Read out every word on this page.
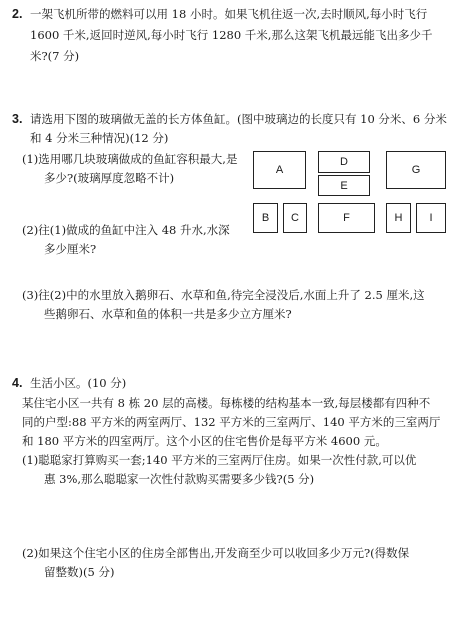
2. 一架飞机所带的燃料可以用 18 小时。如果飞机往返一次,去时顺风,每小时飞行
1600 千米,返回时逆风,每小时飞行 1280 千米,那么这架飞机最远能飞出多少千
米?(7 分)
3. 请选用下图的玻璃做无盖的长方体鱼缸。(图中玻璃边的长度只有 10 分米、6 分米
和 4 分米三种情况)(12 分)
(1)选用哪几块玻璃做成的鱼缸容积最大,是
多少?(玻璃厚度忽略不计)
(2)往(1)做成的鱼缸中注入 48 升水,水深
多少厘米?
A
D
E
G
B	C	F	H	I
(3)往(2)中的水里放入鹅卵石、水草和鱼,待完全浸没后,水面上升了 2.5 厘米,这
些鹅卵石、水草和鱼的体积一共是多少立方厘米?
4. 生活小区。(10 分)
某住宅小区一共有 8 栋 20 层的高楼。每栋楼的结构基本一致,每层楼都有四种不
同的户型:88 平方米的两室两厅、132 平方米的三室两厅、140 平方米的三室两厅
和 180 平方米的四室两厅。这个小区的住宅售价是每平方米 4600 元。
(1)聪聪家打算购买一套;140 平方米的三室两厅住房。如果一次性付款,可以优
惠 3%,那么聪聪家一次性付款购买需要多少钱?(5 分)
(2)如果这个住宅小区的住房全部售出,开发商至少可以收回多少万元?(得数保
留整数)(5 分)
